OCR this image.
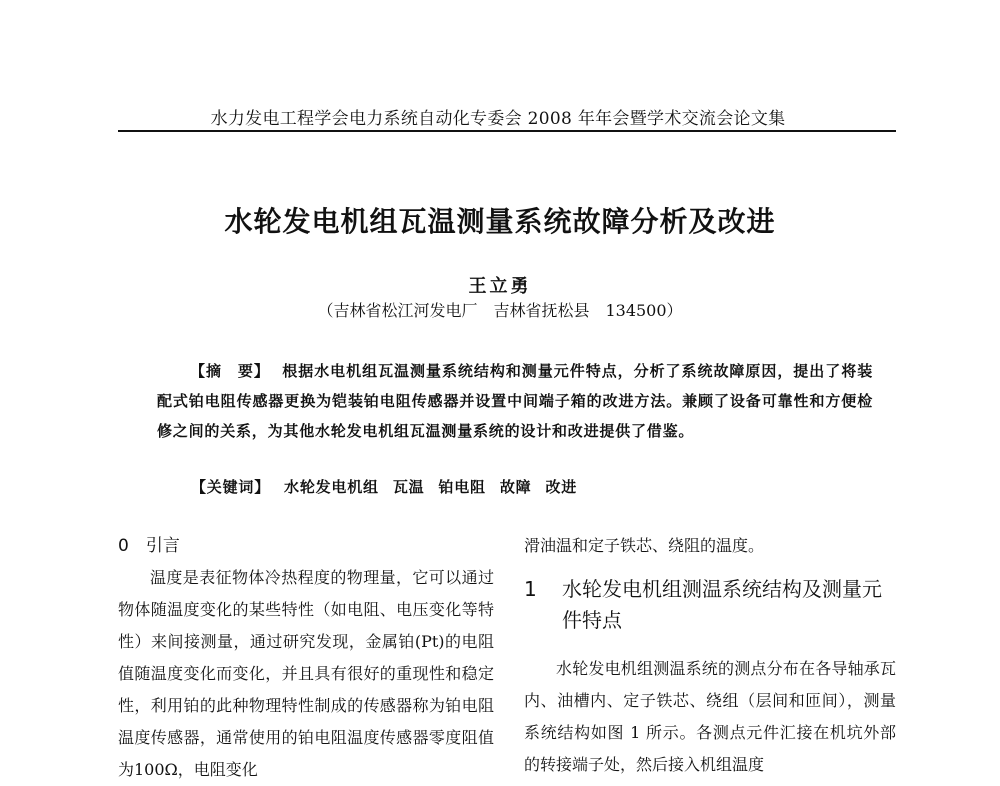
水力发电工程学会电力系统自动化专委会 2008 年年会暨学术交流会论文集
水轮发电机组瓦温测量系统故障分析及改进
王立勇
（吉林省松江河发电厂　吉林省抚松县　134500）
【摘　要】 根据水电机组瓦温测量系统结构和测量元件特点，分析了系统故障原因，提出了将装配式铂电阻传感器更换为铠装铂电阻传感器并设置中间端子箱的改进方法。兼顾了设备可靠性和方便检修之间的关系，为其他水轮发电机组瓦温测量系统的设计和改进提供了借鉴。
【关键词】 水轮发电机组 瓦温 铂电阻 故障 改进
0　引言

温度是表征物体冷热程度的物理量，它可以通过物体随温度变化的某些特性（如电阻、电压变化等特性）来间接测量，通过研究发现，金属铂(Pt)的电阻值随温度变化而变化，并且具有很好的重现性和稳定性，利用铂的此种物理特性制成的传感器称为铂电阻温度传感器，通常使用的铂电阻温度传感器零度阻值为100Ω，电阻变化

滑油温和定子铁芯、绕阻的温度。

1	水轮发电机组测温系统结构及测量元件特点

水轮发电机组测温系统的测点分布在各导轴承瓦内、油槽内、定子铁芯、绕组（层间和匝间），测量系统结构如图 1 所示。各测点元件汇接在机坑外部的转接端子处，然后接入机组温度
